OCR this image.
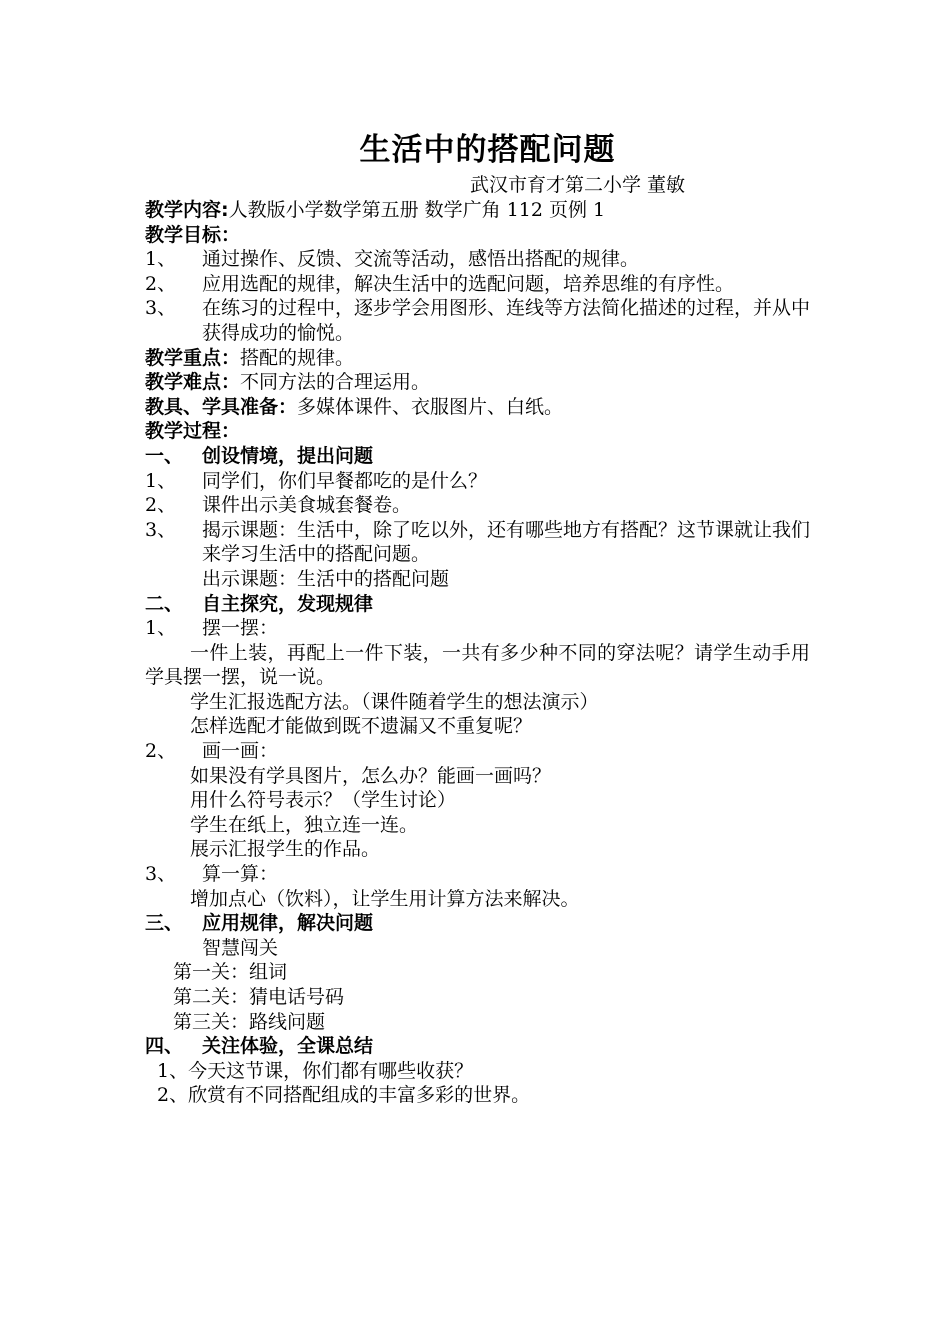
生活中的搭配问题
武汉市育才第二小学 董敏
教学内容:人教版小学数学第五册 数学广角 112 页例 1
教学目标：
1、	通过操作、反馈、交流等活动，感悟出搭配的规律。
2、	应用选配的规律，解决生活中的选配问题，培养思维的有序性。
3、	在练习的过程中，逐步学会用图形、连线等方法简化描述的过程，并从中获得成功的愉悦。
教学重点：搭配的规律。
教学难点：不同方法的合理运用。
教具、学具准备：多媒体课件、衣服图片、白纸。
教学过程：
一、 创设情境，提出问题
1、	同学们，你们早餐都吃的是什么？
2、	课件出示美食城套餐卷。
3、	揭示课题：生活中，除了吃以外，还有哪些地方有搭配？这节课就让我们来学习生活中的搭配问题。
出示课题：生活中的搭配问题
二、 自主探究，发现规律
1、	摆一摆：
一件上装，再配上一件下装，一共有多少种不同的穿法呢？请学生动手用学具摆一摆，说一说。
学生汇报选配方法。（课件随着学生的想法演示）
怎样选配才能做到既不遗漏又不重复呢？
2、	画一画：
如果没有学具图片，怎么办？能画一画吗？
用什么符号表示？（学生讨论）
学生在纸上，独立连一连。
展示汇报学生的作品。
3、	算一算：
增加点心（饮料），让学生用计算方法来解决。
三、 应用规律，解决问题
智慧闯关
第一关：组词
第二关：猜电话号码
第三关：路线问题
四、 关注体验，全课总结
1、今天这节课，你们都有哪些收获？
2、欣赏有不同搭配组成的丰富多彩的世界。
